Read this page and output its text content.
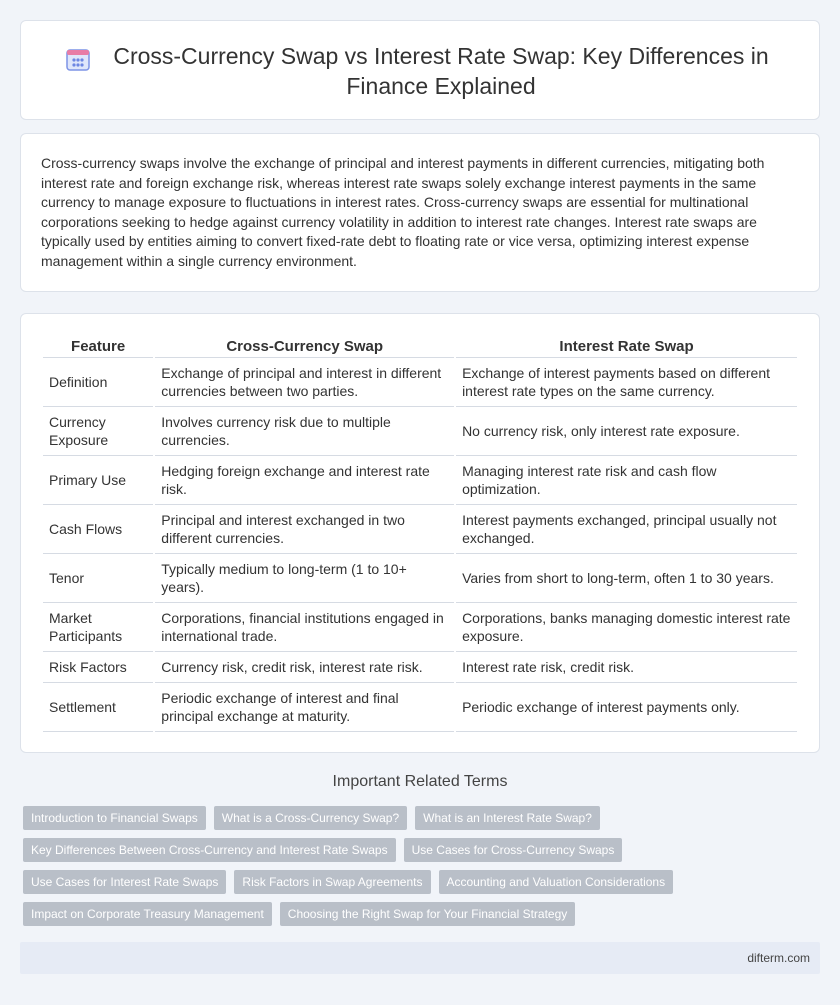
Cross-Currency Swap vs Interest Rate Swap: Key Differences in Finance Explained

Cross-currency swaps involve the exchange of principal and interest payments in different currencies, mitigating both interest rate and foreign exchange risk, whereas interest rate swaps solely exchange interest payments in the same currency to manage exposure to fluctuations in interest rates. Cross-currency swaps are essential for multinational corporations seeking to hedge against currency volatility in addition to interest rate changes. Interest rate swaps are typically used by entities aiming to convert fixed-rate debt to floating rate or vice versa, optimizing interest expense management within a single currency environment.

Feature	Cross-Currency Swap	Interest Rate Swap
Definition	Exchange of principal and interest in different currencies between two parties.	Exchange of interest payments based on different interest rate types on the same currency.
Currency Exposure	Involves currency risk due to multiple currencies.	No currency risk, only interest rate exposure.
Primary Use	Hedging foreign exchange and interest rate risk.	Managing interest rate risk and cash flow optimization.
Cash Flows	Principal and interest exchanged in two different currencies.	Interest payments exchanged, principal usually not exchanged.
Tenor	Typically medium to long-term (1 to 10+ years).	Varies from short to long-term, often 1 to 30 years.
Market Participants	Corporations, financial institutions engaged in international trade.	Corporations, banks managing domestic interest rate exposure.
Risk Factors	Currency risk, credit risk, interest rate risk.	Interest rate risk, credit risk.
Settlement	Periodic exchange of interest and final principal exchange at maturity.	Periodic exchange of interest payments only.
Important Related Terms
Introduction to Financial Swaps	What is a Cross-Currency Swap?	What is an Interest Rate Swap?
Key Differences Between Cross-Currency and Interest Rate Swaps	Use Cases for Cross-Currency Swaps
Use Cases for Interest Rate Swaps	Risk Factors in Swap Agreements	Accounting and Valuation Considerations
Impact on Corporate Treasury Management	Choosing the Right Swap for Your Financial Strategy
difterm.com
